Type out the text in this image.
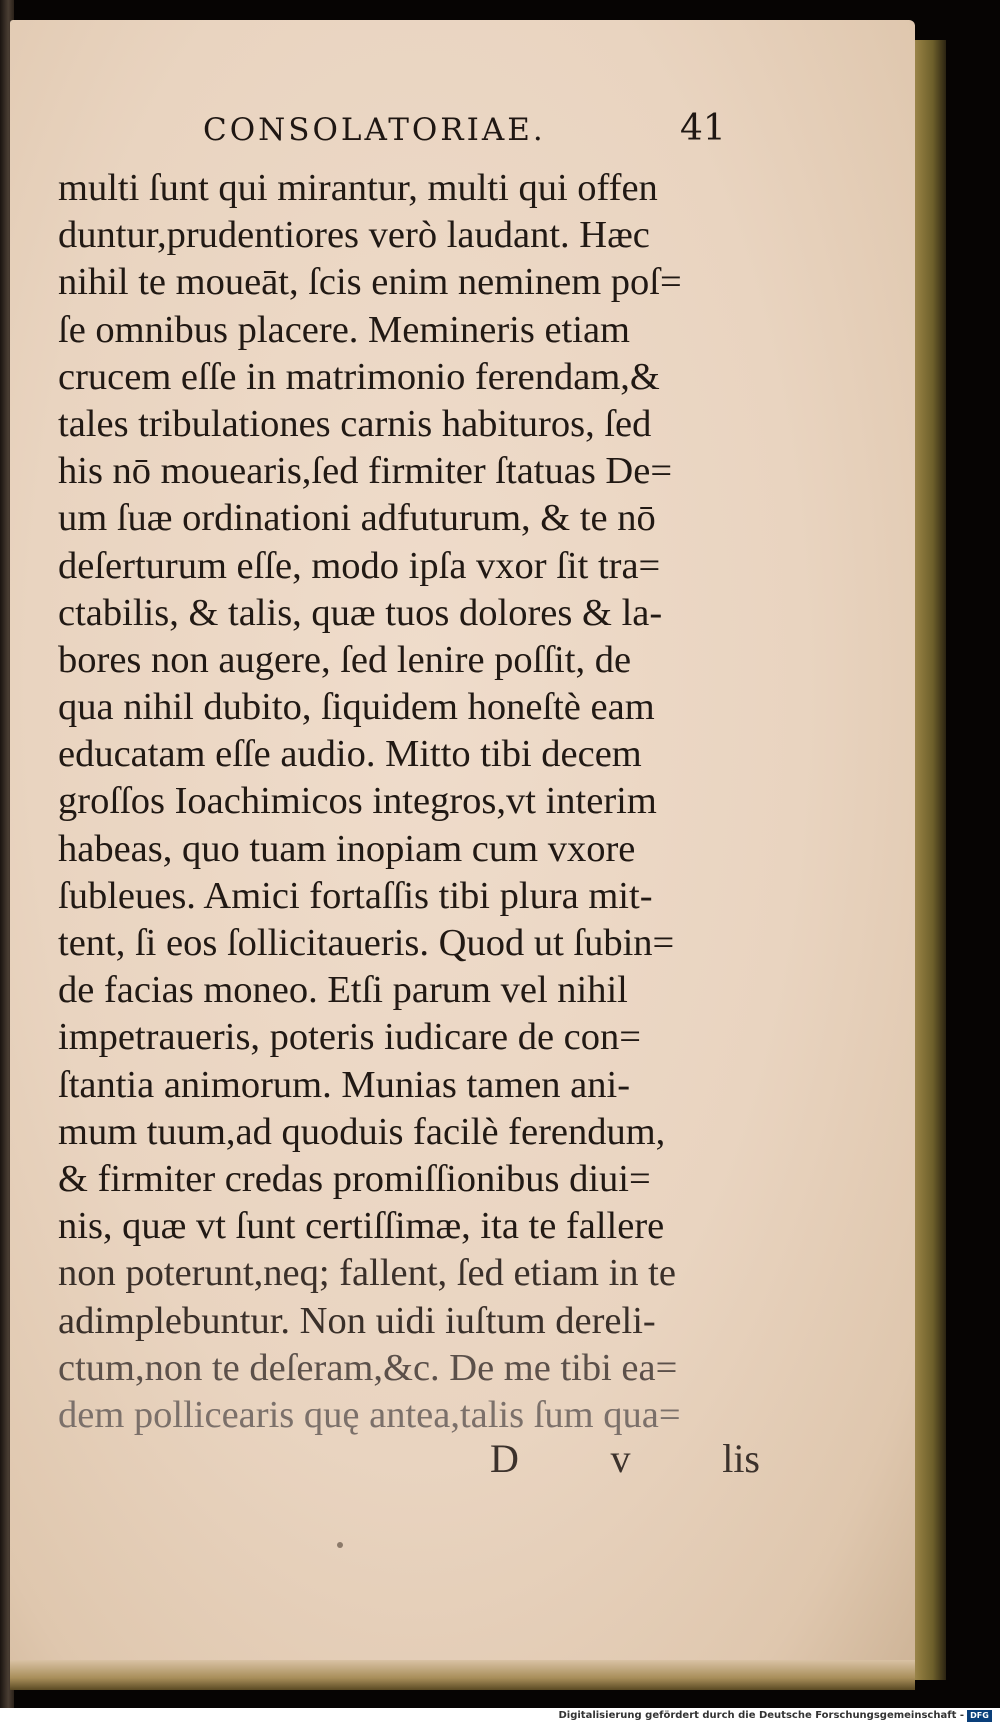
CONSOLATORIAE.	41
multi ſunt qui mirantur, multi qui offen
duntur,prudentiores verò laudant. Hæc
nihil te moueāt, ſcis enim neminem poſ=
ſe omnibus placere. Memineris etiam
crucem eſſe in matrimonio ferendam,&
tales tribulationes carnis habituros, ſed
his nō mouearis,ſed firmiter ſtatuas De=
um ſuæ ordinationi adfuturum, & te nō
deſerturum eſſe, modo ipſa vxor ſit tra=
ctabilis, & talis, quæ tuos dolores & la-
bores non augere, ſed lenire poſſit, de
qua nihil dubito, ſiquidem honeſtè eam
educatam eſſe audio. Mitto tibi decem
groſſos Ioachimicos integros,vt interim
habeas, quo tuam inopiam cum vxore
ſubleues. Amici fortaſſis tibi plura mit-
tent, ſi eos ſollicitaueris. Quod ut ſubin=
de facias moneo. Etſi parum vel nihil
impetraueris, poteris iudicare de con=
ſtantia animorum. Munias tamen ani-
mum tuum,ad quoduis facilè ferendum,
& firmiter credas promiſſionibus diui=
nis, quæ vt ſunt certiſſimæ, ita te fallere
non poterunt,neq; fallent, ſed etiam in te
adimplebuntur. Non uidi iuſtum dereli-
ctum,non te deſeram,&c. De me tibi ea=
dem pollicearis quę antea,talis ſum qua=
D v lis
Digitalisierung gefördert durch die Deutsche Forschungsgemeinschaft - DFG
